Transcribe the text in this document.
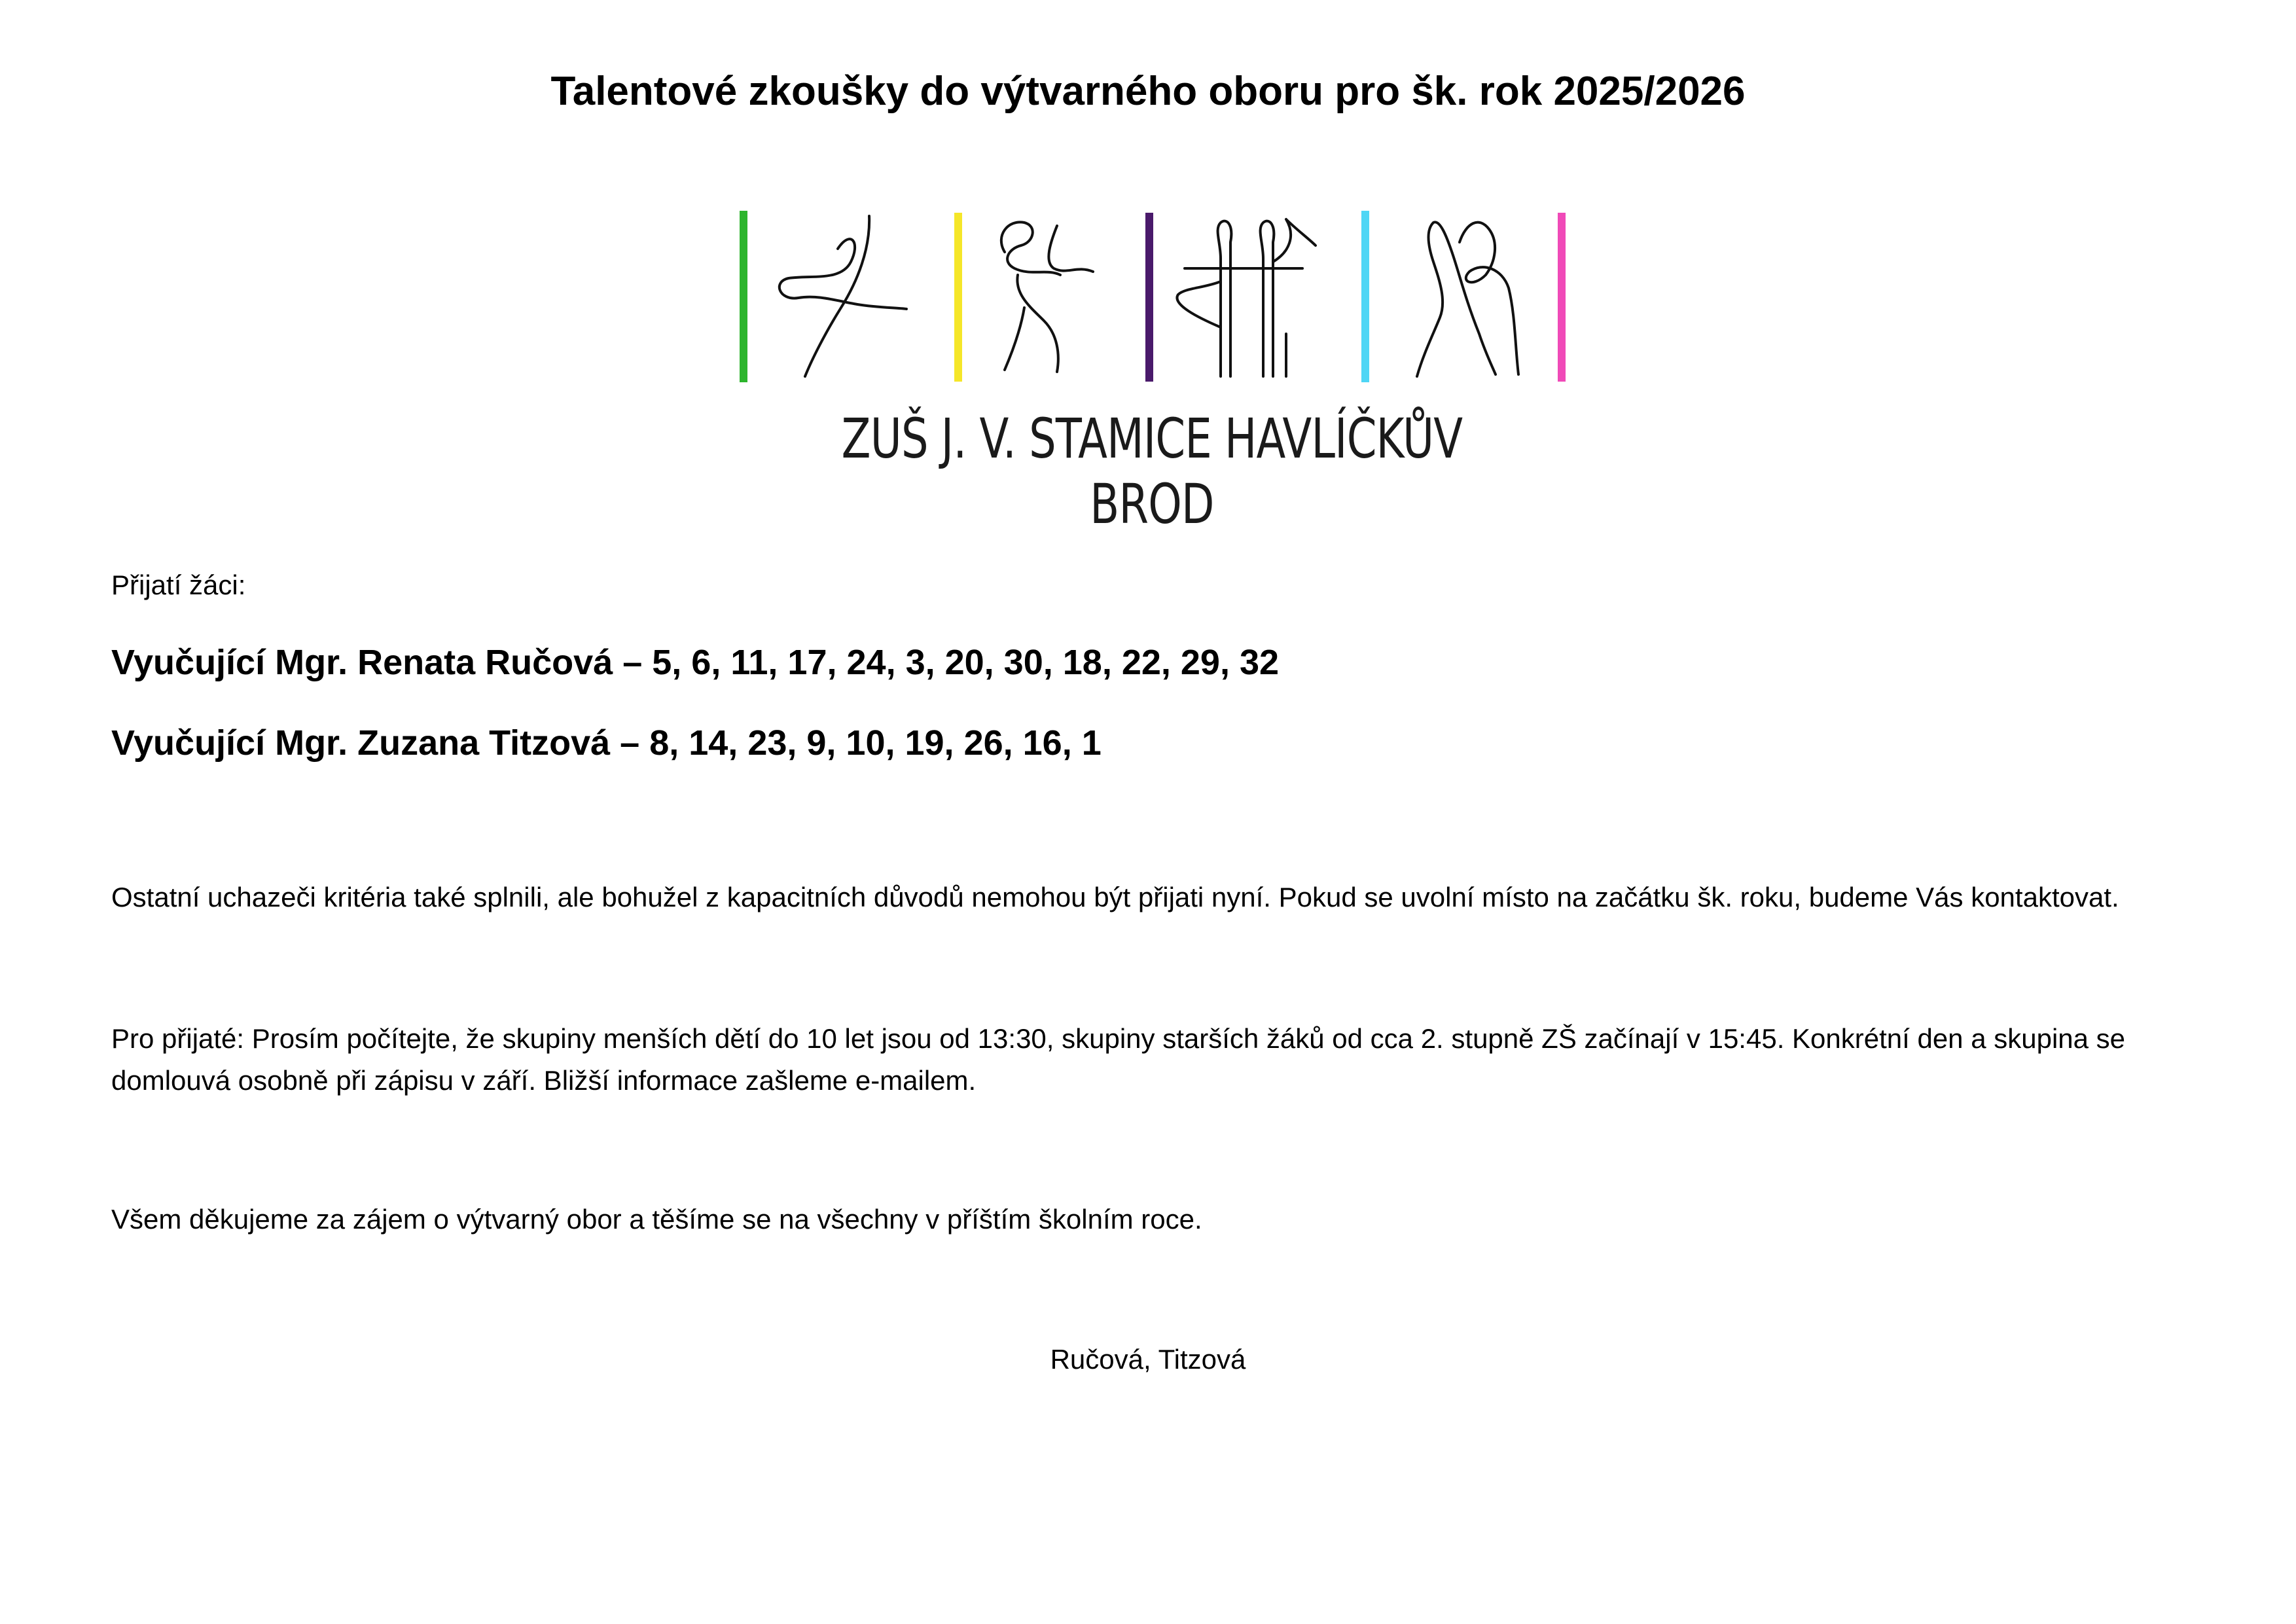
Talentové zkoušky do výtvarného oboru pro šk. rok 2025/2026
ZUŠ J. V. STAMICE HAVLÍČKŮV BROD
Přijatí žáci:
Vyučující Mgr. Renata Ručová – 5, 6, 11, 17, 24, 3, 20, 30, 18, 22, 29, 32
Vyučující Mgr. Zuzana Titzová – 8, 14, 23, 9, 10, 19, 26, 16, 1
Ostatní uchazeči kritéria také splnili, ale bohužel z kapacitních důvodů nemohou být přijati nyní. Pokud se uvolní místo na začátku šk. roku, budeme Vás kontaktovat.
Pro přijaté: Prosím počítejte, že skupiny menších dětí do 10 let jsou od 13:30, skupiny starších žáků od cca 2. stupně ZŠ začínají v 15:45. Konkrétní den a skupina se
domlouvá osobně při zápisu v září. Bližší informace zašleme e-mailem.
Všem děkujeme za zájem o výtvarný obor a těšíme se na všechny v příštím školním roce.
Ručová, Titzová
